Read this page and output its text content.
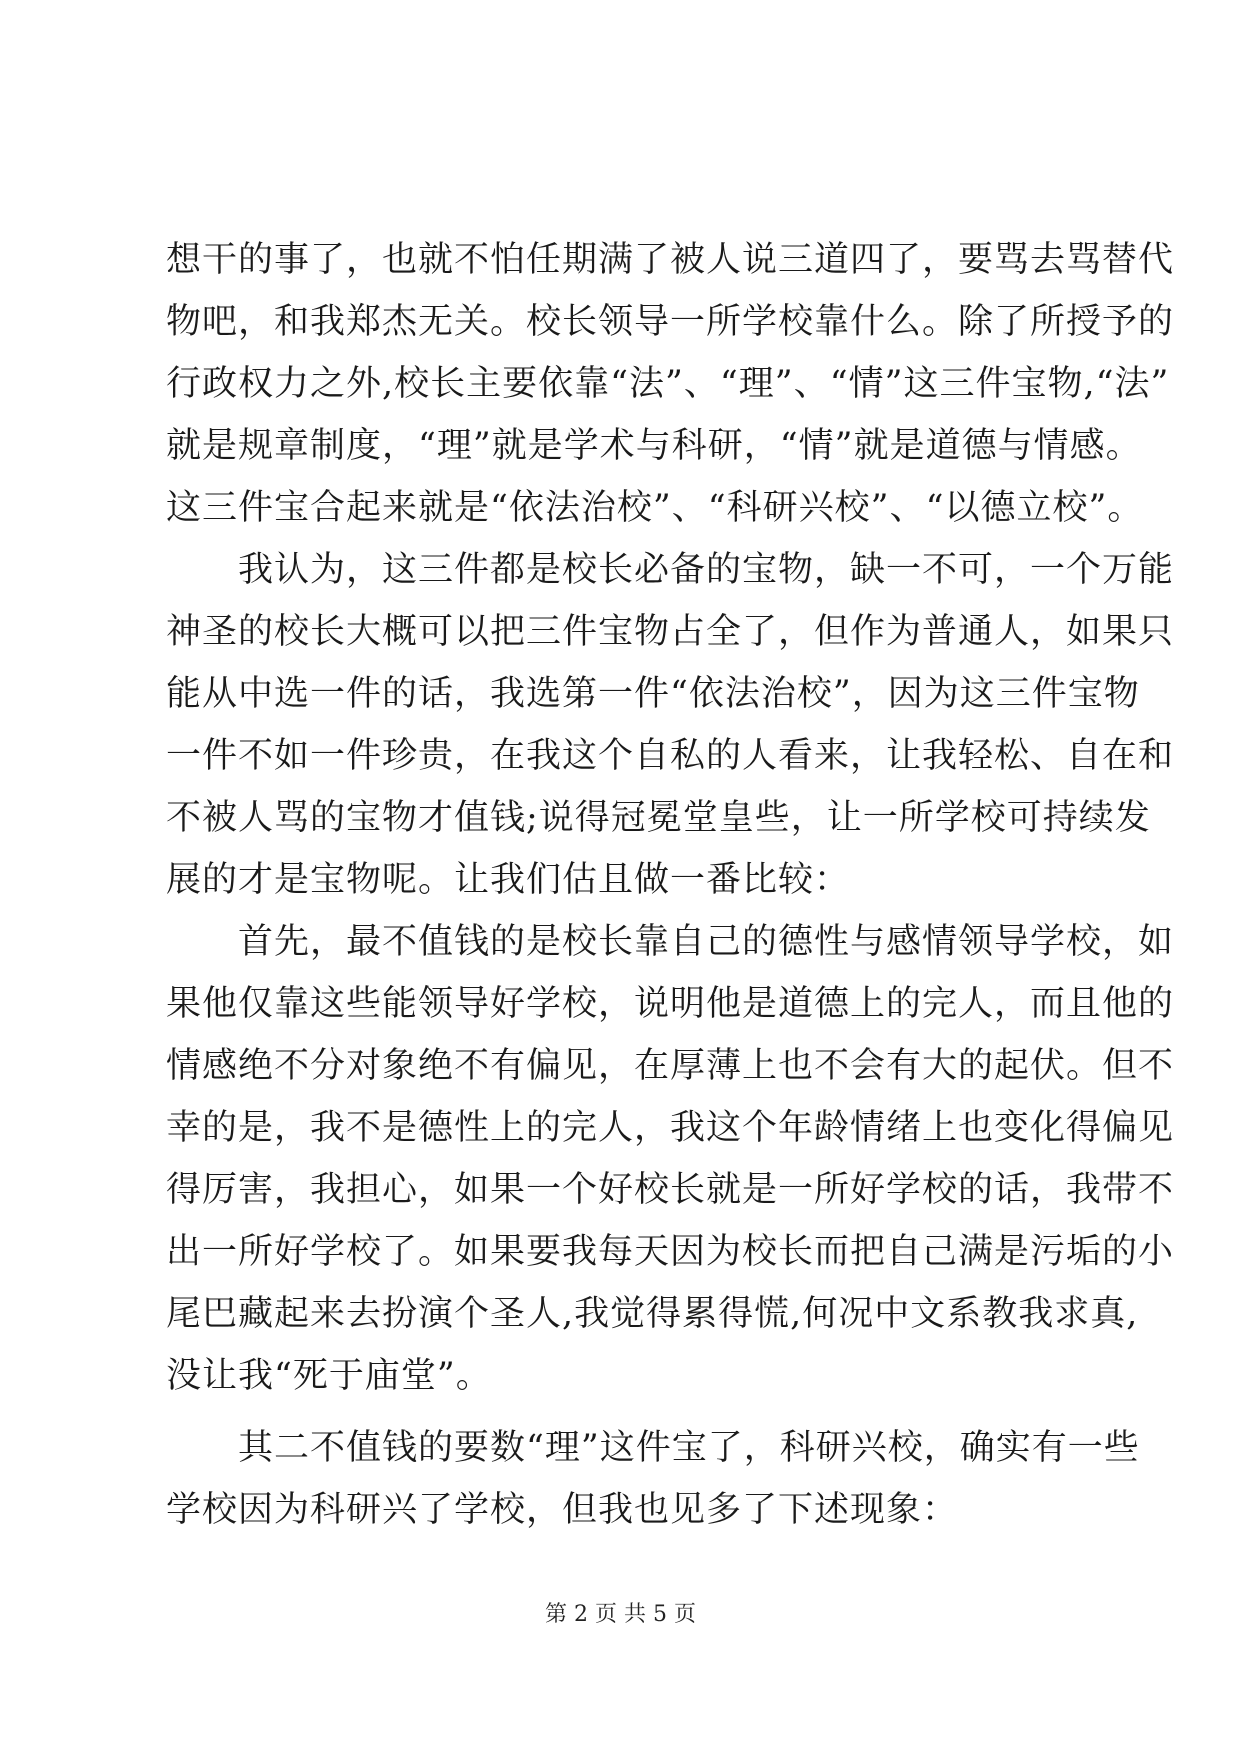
想干的事了，也就不怕任期满了被人说三道四了，要骂去骂替代
物吧，和我郑杰无关。校长领导一所学校靠什么。除了所授予的
行政权力之外,校长主要依靠“法”、“理”、“情”这三件宝物,“法”
就是规章制度，“理”就是学术与科研，“情”就是道德与情感。
这三件宝合起来就是“依法治校”、“科研兴校”、“以德立校”。
　　我认为，这三件都是校长必备的宝物，缺一不可，一个万能
神圣的校长大概可以把三件宝物占全了，但作为普通人，如果只
能从中选一件的话，我选第一件“依法治校”，因为这三件宝物
一件不如一件珍贵，在我这个自私的人看来，让我轻松、自在和
不被人骂的宝物才值钱;说得冠冕堂皇些，让一所学校可持续发
展的才是宝物呢。让我们估且做一番比较：
　　首先，最不值钱的是校长靠自己的德性与感情领导学校，如
果他仅靠这些能领导好学校，说明他是道德上的完人，而且他的
情感绝不分对象绝不有偏见，在厚薄上也不会有大的起伏。但不
幸的是，我不是德性上的完人，我这个年龄情绪上也变化得偏见
得厉害，我担心，如果一个好校长就是一所好学校的话，我带不
出一所好学校了。如果要我每天因为校长而把自己满是污垢的小
尾巴藏起来去扮演个圣人,我觉得累得慌,何况中文系教我求真,
没让我“死于庙堂”。
　　其二不值钱的要数“理”这件宝了，科研兴校，确实有一些
学校因为科研兴了学校，但我也见多了下述现象：
第 2 页 共 5 页
